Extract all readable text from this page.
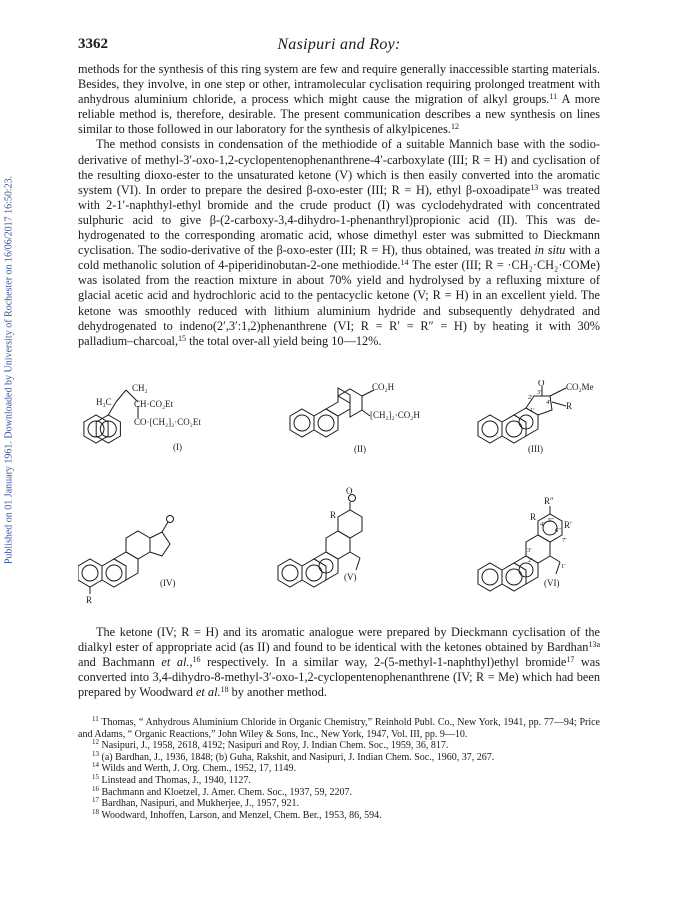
Published on 01 January 1961. Downloaded by University of Rochester on 16/06/2017 16:50:23.
3362	Nasipuri and Roy:

methods for the synthesis of this ring system are few and require generally inaccessible starting materials. Besides, they involve, in one step or other, intramolecular cyclisation requiring prolonged treatment with anhydrous aluminium chloride, a process which might cause the migration of alkyl groups.$^{11}$ A more reliable method is, therefore, desirable. The present communication describes a new synthesis on lines similar to those followed in our laboratory for the synthesis of alkylpicenes.$^{12}$

The method consists in condensation of the methiodide of a suitable Mannich base with the sodio-derivative of methyl-3′-oxo-1,2-cyclopentenophenanthrene-4′-carboxylate (III; R = H) and cyclisation of the resulting dioxo-ester to the unsaturated ketone (V) which is then easily converted into the aromatic system (VI). In order to prepare the desired β-oxo-ester (III; R = H), ethyl β-oxoadipate$^{13}$ was treated with 2-1′-naphthyl-ethyl bromide and the crude product (I) was cyclodehydrated with concentrated sulphuric acid to give β-(2-carboxy-3,4-dihydro-1-phenanthryl)propionic acid (II). This was de-hydrogenated to the corresponding aromatic acid, whose dimethyl ester was submitted to Dieckmann cyclisation. The sodio-derivative of the β-oxo-ester (III; R = H), thus obtained, was treated in situ with a cold methanolic solution of 4-piperidinobutan-2-one methiodide.$^{14}$ The ester (III; R = ·CH₂·CH₂·COMe) was isolated from the reaction mixture in about 70% yield and hydrolysed by a refluxing mixture of glacial acetic acid and hydrochloric acid to the pentacyclic ketone (V; R = H) in an excellent yield. The ketone was smoothly reduced with lithium aluminium hydride and subsequently dehydrated and dehydrogenated to indeno(2′,3′:1,2)phenanthrene (VI; R = R′ = R″ = H) by heating it with 30% palladium–charcoal,$^{15}$ the total over-all yield being 10—12%.

CH₂
H₃C CH·CO₂Et
CO·[CH₂]₂·CO₂Et
(I)
CO₂H
[CH₂]₂·CO₂H
(II)
O CO₂Me
R
2′
3′
4′
1′
(III)
R
(IV)
R
O
(V)
R″
R
R′
4″
5″
6″
7′
3′
2′
1′
(VI)

The ketone (IV; R = H) and its aromatic analogue were prepared by Dieckmann cyclisation of the dialkyl ester of appropriate acid (as II) and found to be identical with the ketones obtained by Bardhan$^{13a}$ and Bachmann et al.,$^{16}$ respectively. In a similar way, 2-(5-methyl-1-naphthyl)ethyl bromide$^{17}$ was converted into 3,4-dihydro-8-methyl-3′-oxo-1,2-cyclopentenophenanthrene (IV; R = Me) which had been prepared by Woodward et al.$^{18}$ by another method.

$^{11}$ Thomas, “ Anhydrous Aluminium Chloride in Organic Chemistry,” Reinhold Publ. Co., New York, 1941, pp. 77—94; Price and Adams, “ Organic Reactions,” John Wiley & Sons, Inc., New York, 1947, Vol. III, pp. 9—10.

$^{12}$ Nasipuri, J., 1958, 2618, 4192; Nasipuri and Roy, J. Indian Chem. Soc., 1959, 36, 817.

$^{13}$ (a) Bardhan, J., 1936, 1848; (b) Guha, Rakshit, and Nasipuri, J. Indian Chem. Soc., 1960, 37, 267.

$^{14}$ Wilds and Werth, J. Org. Chem., 1952, 17, 1149.

$^{15}$ Linstead and Thomas, J., 1940, 1127.

$^{16}$ Bachmann and Kloetzel, J. Amer. Chem. Soc., 1937, 59, 2207.

$^{17}$ Bardhan, Nasipuri, and Mukherjee, J., 1957, 921.

$^{18}$ Woodward, Inhoffen, Larson, and Menzel, Chem. Ber., 1953, 86, 594.
